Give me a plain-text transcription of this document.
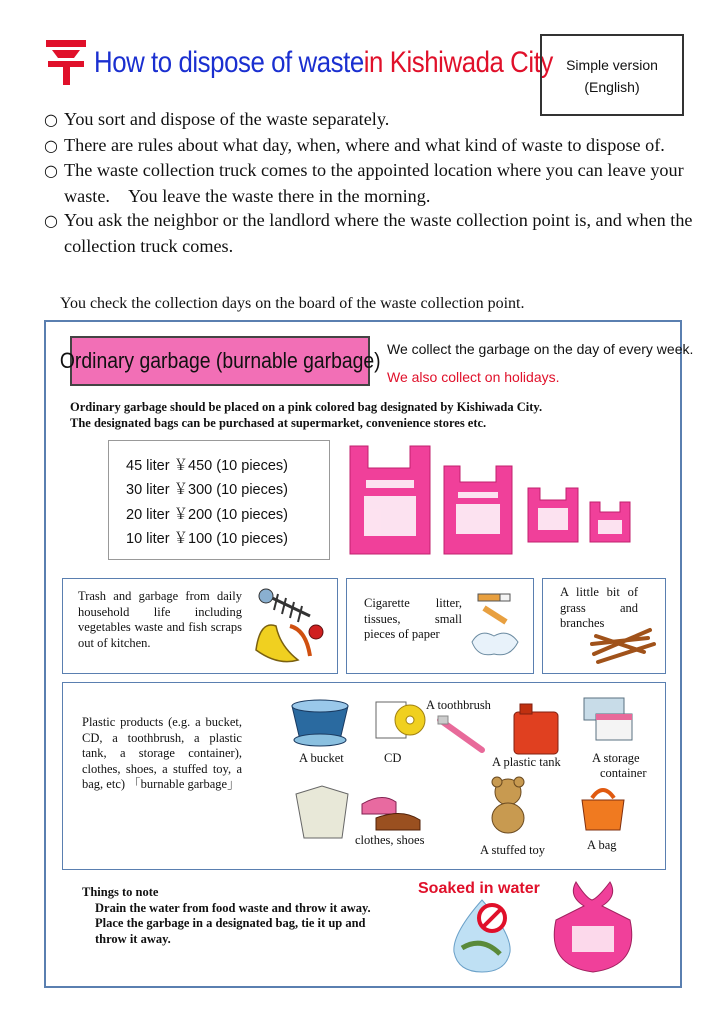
How to dispose of waste in Kishiwada City Simple version
(English)
○ You sort and dispose of the waste separately.
○ There are rules about what day, when, where and what kind of waste to dispose of.
○ The waste collection truck comes to the appointed location where you can leave your waste.　You leave the waste there in the morning.
○ You ask the neighbor or the landlord where the waste collection point is, and when the collection truck comes.
You check the collection days on the board of the waste collection point.
Ordinary garbage (burnable garbage) We collect the garbage on the day of every week.
We also collect on holidays.
Ordinary garbage should be placed on a pink colored bag designated by Kishiwada City.
The designated bags can be purchased at supermarket, convenience stores etc.
45 liter ￥450 (10 pieces)
30 liter ￥300 (10 pieces)
20 liter ￥200 (10 pieces)
10 liter ￥100 (10 pieces)
Trash and garbage from daily household life including vegetables waste and fish scraps out of kitchen.
Cigarette litter, tissues, small pieces of paper
A little bit of grass and branches
Plastic products (e.g. a bucket, CD, a toothbrush, a plastic tank, a storage container), clothes, shoes, a stuffed toy, a bag, etc) 「burnable garbage」
A bucket	CD
A toothbrush
A plastic tank	A storage
container
clothes, shoes
A stuffed toy	A bag
Things to note
Drain the water from food waste and throw it away.
Place the garbage in a designated bag, tie it up and
throw it away.
Soaked in water
